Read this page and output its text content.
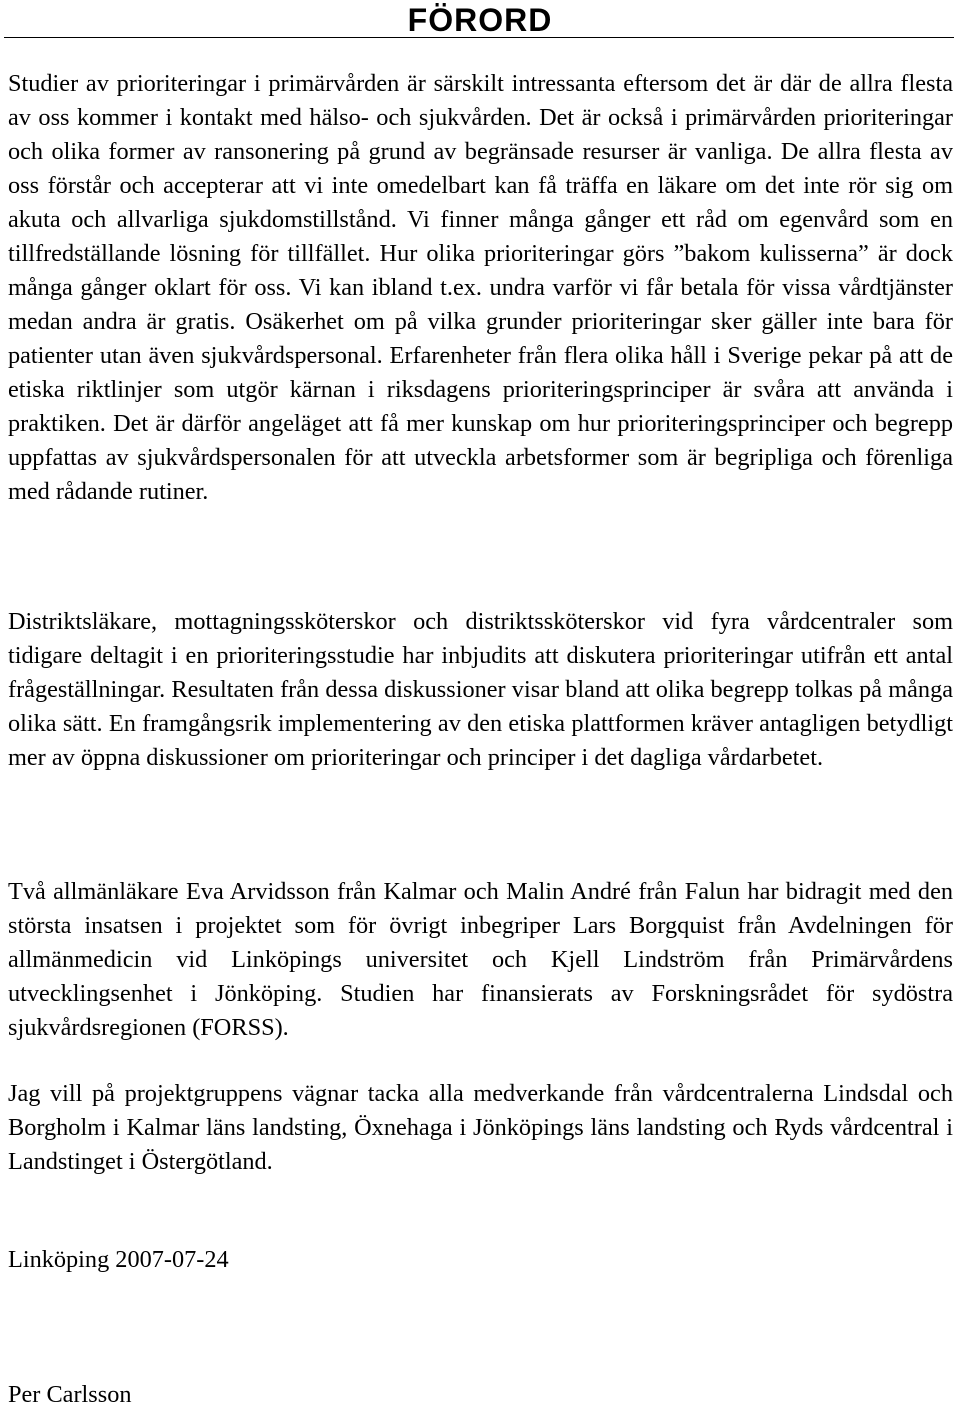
FÖRORD

Studier av prioriteringar i primärvården är särskilt intressanta eftersom det är där de allra flesta av oss kommer i kontakt med hälso- och sjukvården. Det är också i primärvården prioriteringar och olika former av ransonering på grund av begränsade resurser är vanliga. De allra flesta av oss förstår och accepterar att vi inte omedelbart kan få träffa en läkare om det inte rör sig om akuta och allvarliga sjukdomstillstånd. Vi finner många gånger ett råd om egenvård som en tillfredställande lösning för tillfället. Hur olika prioriteringar görs ”bakom kulisserna” är dock många gånger oklart för oss. Vi kan ibland t.ex. undra varför vi får betala för vissa vårdtjänster medan andra är gratis. Osäkerhet om på vilka grunder prioriteringar sker gäller inte bara för patienter utan även sjukvårdspersonal. Erfarenheter från flera olika håll i Sverige pekar på att de etiska riktlinjer som utgör kärnan i riksdagens prioriteringsprinciper är svåra att använda i praktiken. Det är därför angeläget att få mer kunskap om hur prioriteringsprinciper och begrepp uppfattas av sjukvårdspersonalen för att utveckla arbetsformer som är begripliga och förenliga med rådande rutiner.

Distriktsläkare, mottagningssköterskor och distriktssköterskor vid fyra vårdcentraler som tidigare deltagit i en prioriteringsstudie har inbjudits att diskutera prioriteringar utifrån ett antal frågeställningar. Resultaten från dessa diskussioner visar bland att olika begrepp tolkas på många olika sätt. En framgångsrik implementering av den etiska plattformen kräver antagligen betydligt mer av öppna diskussioner om prioriteringar och principer i det dagliga vårdarbetet.

Två allmänläkare Eva Arvidsson från Kalmar och Malin André från Falun har bidragit med den största insatsen i projektet som för övrigt inbegriper Lars Borgquist från Avdelningen för allmänmedicin vid Linköpings universitet och Kjell Lindström från Primärvårdens utvecklingsenhet i Jönköping. Studien har finansierats av Forskningsrådet för sydöstra sjukvårdsregionen (FORSS).

Jag vill på projektgruppens vägnar tacka alla medverkande från vårdcentralerna Lindsdal och Borgholm i Kalmar läns landsting, Öxnehaga i Jönköpings läns landsting och Ryds vårdcentral i Landstinget i Östergötland.

Linköping 2007-07-24

Per Carlsson
